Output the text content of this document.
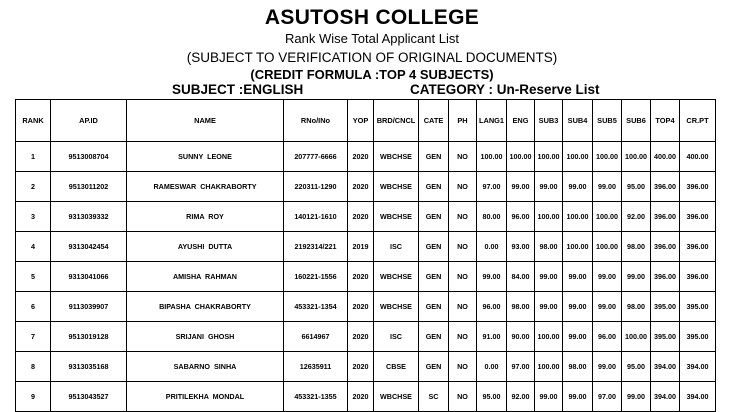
ASUTOSH COLLEGE
Rank Wise Total Applicant List
(SUBJECT TO VERIFICATION OF ORIGINAL DOCUMENTS)
(CREDIT FORMULA :TOP 4 SUBJECTS)
SUBJECT :ENGLISH	CATEGORY : Un-Reserve List
RANK	AP.ID	NAME	RNo/INo	YOP	BRD/CNCL	CATE	PH	LANG1	ENG	SUB3	SUB4	SUB5	SUB6	TOP4	CR.PT
1	9513008704	SUNNY  LEONE	207777-6666	2020	WBCHSE	GEN	NO	100.00	100.00	100.00	100.00	100.00	100.00	400.00	400.00
2	9513011202	RAMESWAR  CHAKRABORTY	220311-1290	2020	WBCHSE	GEN	NO	97.00	99.00	99.00	99.00	99.00	95.00	396.00	396.00
3	9313039332	RIMA  ROY	140121-1610	2020	WBCHSE	GEN	NO	80.00	96.00	100.00	100.00	100.00	92.00	396.00	396.00
4	9313042454	AYUSHI  DUTTA	2192314/221	2019	ISC	GEN	NO	0.00	93.00	98.00	100.00	100.00	98.00	396.00	396.00
5	9313041066	AMISHA  RAHMAN	160221-1556	2020	WBCHSE	GEN	NO	99.00	84.00	99.00	99.00	99.00	99.00	396.00	396.00
6	9113039907	BIPASHA  CHAKRABORTY	453321-1354	2020	WBCHSE	GEN	NO	96.00	98.00	99.00	99.00	99.00	98.00	395.00	395.00
7	9513019128	SRIJANI  GHOSH	6614967	2020	ISC	GEN	NO	91.00	90.00	100.00	99.00	96.00	100.00	395.00	395.00
8	9313035168	SABARNO  SINHA	12635911	2020	CBSE	GEN	NO	0.00	97.00	100.00	98.00	99.00	95.00	394.00	394.00
9	9513043527	PRITILEKHA  MONDAL	453321-1355	2020	WBCHSE	SC	NO	95.00	92.00	99.00	99.00	97.00	99.00	394.00	394.00
